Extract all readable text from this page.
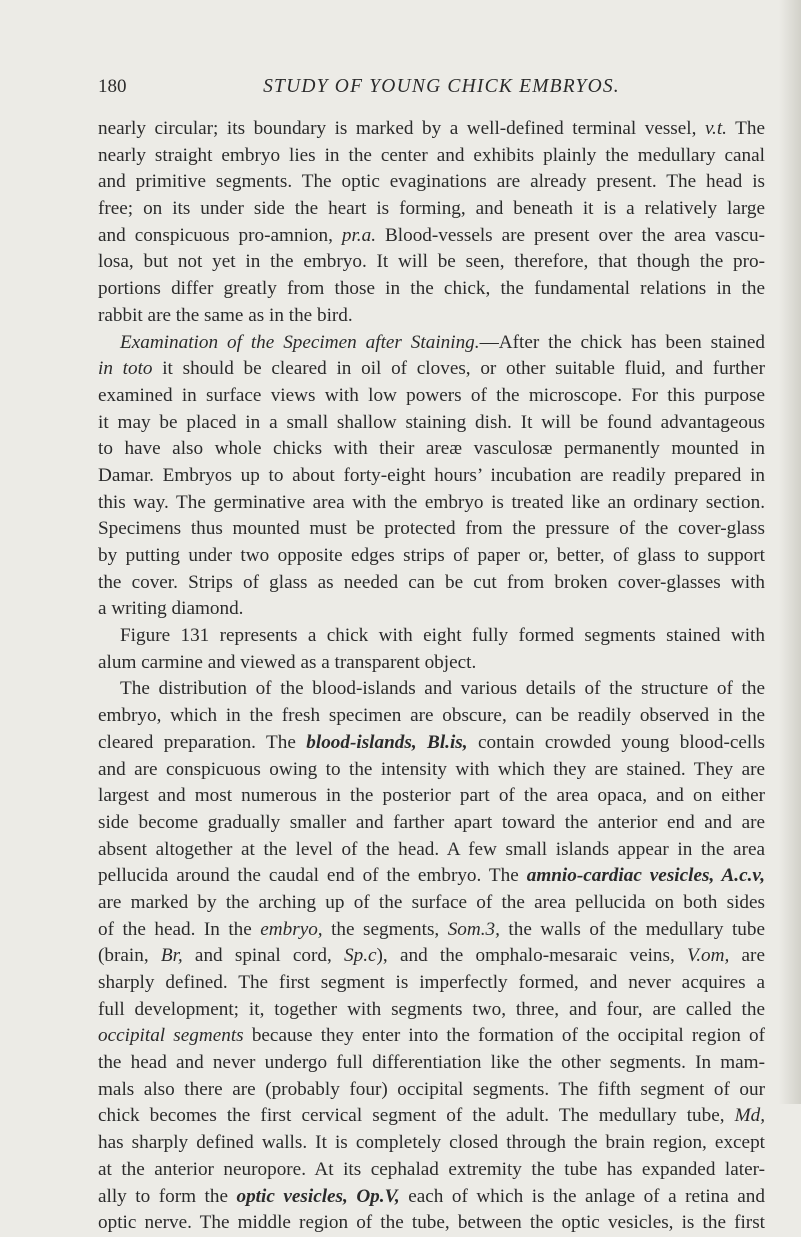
180	STUDY OF YOUNG CHICK EMBRYOS.
nearly circular; its boundary is marked by a well-defined terminal vessel, v.t. The
nearly straight embryo lies in the center and exhibits plainly the medullary canal
and primitive segments. The optic evaginations are already present. The head is
free; on its under side the heart is forming, and beneath it is a relatively large
and conspicuous pro-amnion, pr.a. Blood-vessels are present over the area vascu-
losa, but not yet in the embryo. It will be seen, therefore, that though the pro-
portions differ greatly from those in the chick, the fundamental relations in the
rabbit are the same as in the bird.
Examination of the Specimen after Staining.—After the chick has been stained
in toto it should be cleared in oil of cloves, or other suitable fluid, and further
examined in surface views with low powers of the microscope. For this purpose
it may be placed in a small shallow staining dish. It will be found advantageous
to have also whole chicks with their areæ vasculosæ permanently mounted in
Damar. Embryos up to about forty-eight hours’ incubation are readily prepared in
this way. The germinative area with the embryo is treated like an ordinary section.
Specimens thus mounted must be protected from the pressure of the cover-glass
by putting under two opposite edges strips of paper or, better, of glass to support
the cover. Strips of glass as needed can be cut from broken cover-glasses with
a writing diamond.
Figure 131 represents a chick with eight fully formed segments stained with
alum carmine and viewed as a transparent object.
The distribution of the blood-islands and various details of the structure of the
embryo, which in the fresh specimen are obscure, can be readily observed in the
cleared preparation. The blood-islands, Bl.is, contain crowded young blood-cells
and are conspicuous owing to the intensity with which they are stained. They are
largest and most numerous in the posterior part of the area opaca, and on either
side become gradually smaller and farther apart toward the anterior end and are
absent altogether at the level of the head. A few small islands appear in the area
pellucida around the caudal end of the embryo. The amnio-cardiac vesicles, A.c.v,
are marked by the arching up of the surface of the area pellucida on both sides
of the head. In the embryo, the segments, Som.3, the walls of the medullary tube
(brain, Br, and spinal cord, Sp.c), and the omphalo-mesaraic veins, V.om, are
sharply defined. The first segment is imperfectly formed, and never acquires a
full development; it, together with segments two, three, and four, are called the
occipital segments because they enter into the formation of the occipital region of
the head and never undergo full differentiation like the other segments. In mam-
mals also there are (probably four) occipital segments. The fifth segment of our
chick becomes the first cervical segment of the adult. The medullary tube, Md,
has sharply defined walls. It is completely closed through the brain region, except
at the anterior neuropore. At its cephalad extremity the tube has expanded later-
ally to form the optic vesicles, Op.V, each of which is the anlage of a retina and
optic nerve. The middle region of the tube, between the optic vesicles, is the first
